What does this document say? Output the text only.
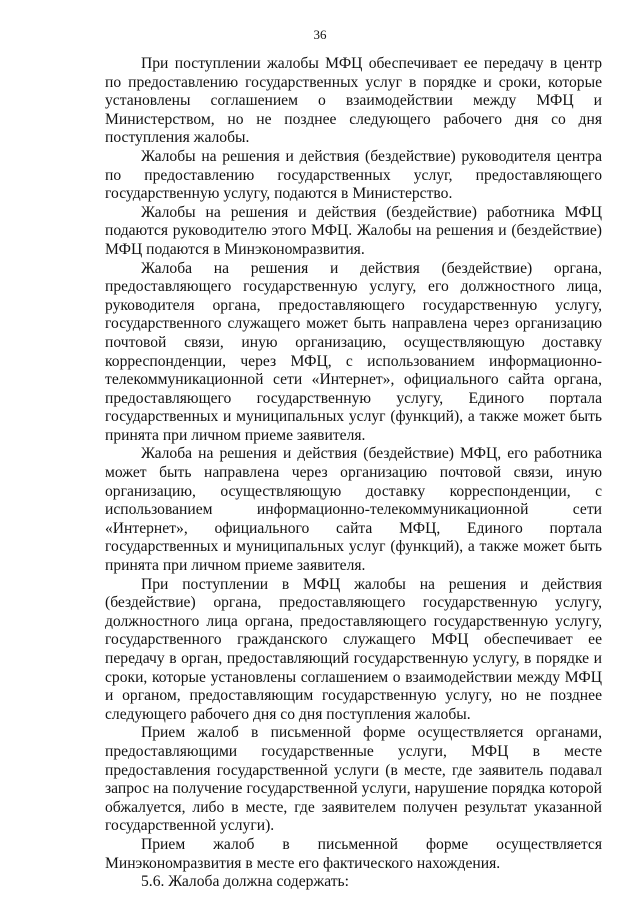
36

При поступлении жалобы МФЦ обеспечивает ее передачу в центр по предоставлению государственных услуг в порядке и сроки, которые установлены соглашением о взаимодействии между МФЦ и Министерством, но не позднее следующего рабочего дня со дня поступления жалобы.

Жалобы на решения и действия (бездействие) руководителя центра по предоставлению государственных услуг, предоставляющего государственную услугу, подаются в Министерство.

Жалобы на решения и действия (бездействие) работника МФЦ подаются руководителю этого МФЦ. Жалобы на решения и (бездействие) МФЦ подаются в Минэкономразвития.

Жалоба на решения и действия (бездействие) органа, предоставляющего государственную услугу, его должностного лица, руководителя органа, предоставляющего государственную услугу, государственного служащего может быть направлена через организацию почтовой связи, иную организацию, осуществляющую доставку корреспонденции, через МФЦ, с использованием информационно-телекоммуникационной сети «Интернет», официального сайта органа, предоставляющего государственную услугу, Единого портала государственных и муниципальных услуг (функций), а также может быть принята при личном приеме заявителя.

Жалоба на решения и действия (бездействие) МФЦ, его работника может быть направлена через организацию почтовой связи, иную организацию, осуществляющую доставку корреспонденции, с использованием информационно-телекоммуникационной сети «Интернет», официального сайта МФЦ, Единого портала государственных и муниципальных услуг (функций), а также может быть принята при личном приеме заявителя.

При поступлении в МФЦ жалобы на решения и действия (бездействие) органа, предоставляющего государственную услугу, должностного лица органа, предоставляющего государственную услугу, государственного гражданского служащего МФЦ обеспечивает ее передачу в орган, предоставляющий государственную услугу, в порядке и сроки, которые установлены соглашением о взаимодействии между МФЦ и органом, предоставляющим государственную услугу, но не позднее следующего рабочего дня со дня поступления жалобы.

Прием жалоб в письменной форме осуществляется органами, предоставляющими государственные услуги, МФЦ в месте предоставления государственной услуги (в месте, где заявитель подавал запрос на получение государственной услуги, нарушение порядка которой обжалуется, либо в месте, где заявителем получен результат указанной государственной услуги).

Прием жалоб в письменной форме осуществляется Минэкономразвития в месте его фактического нахождения.

5.6. Жалоба должна содержать:
